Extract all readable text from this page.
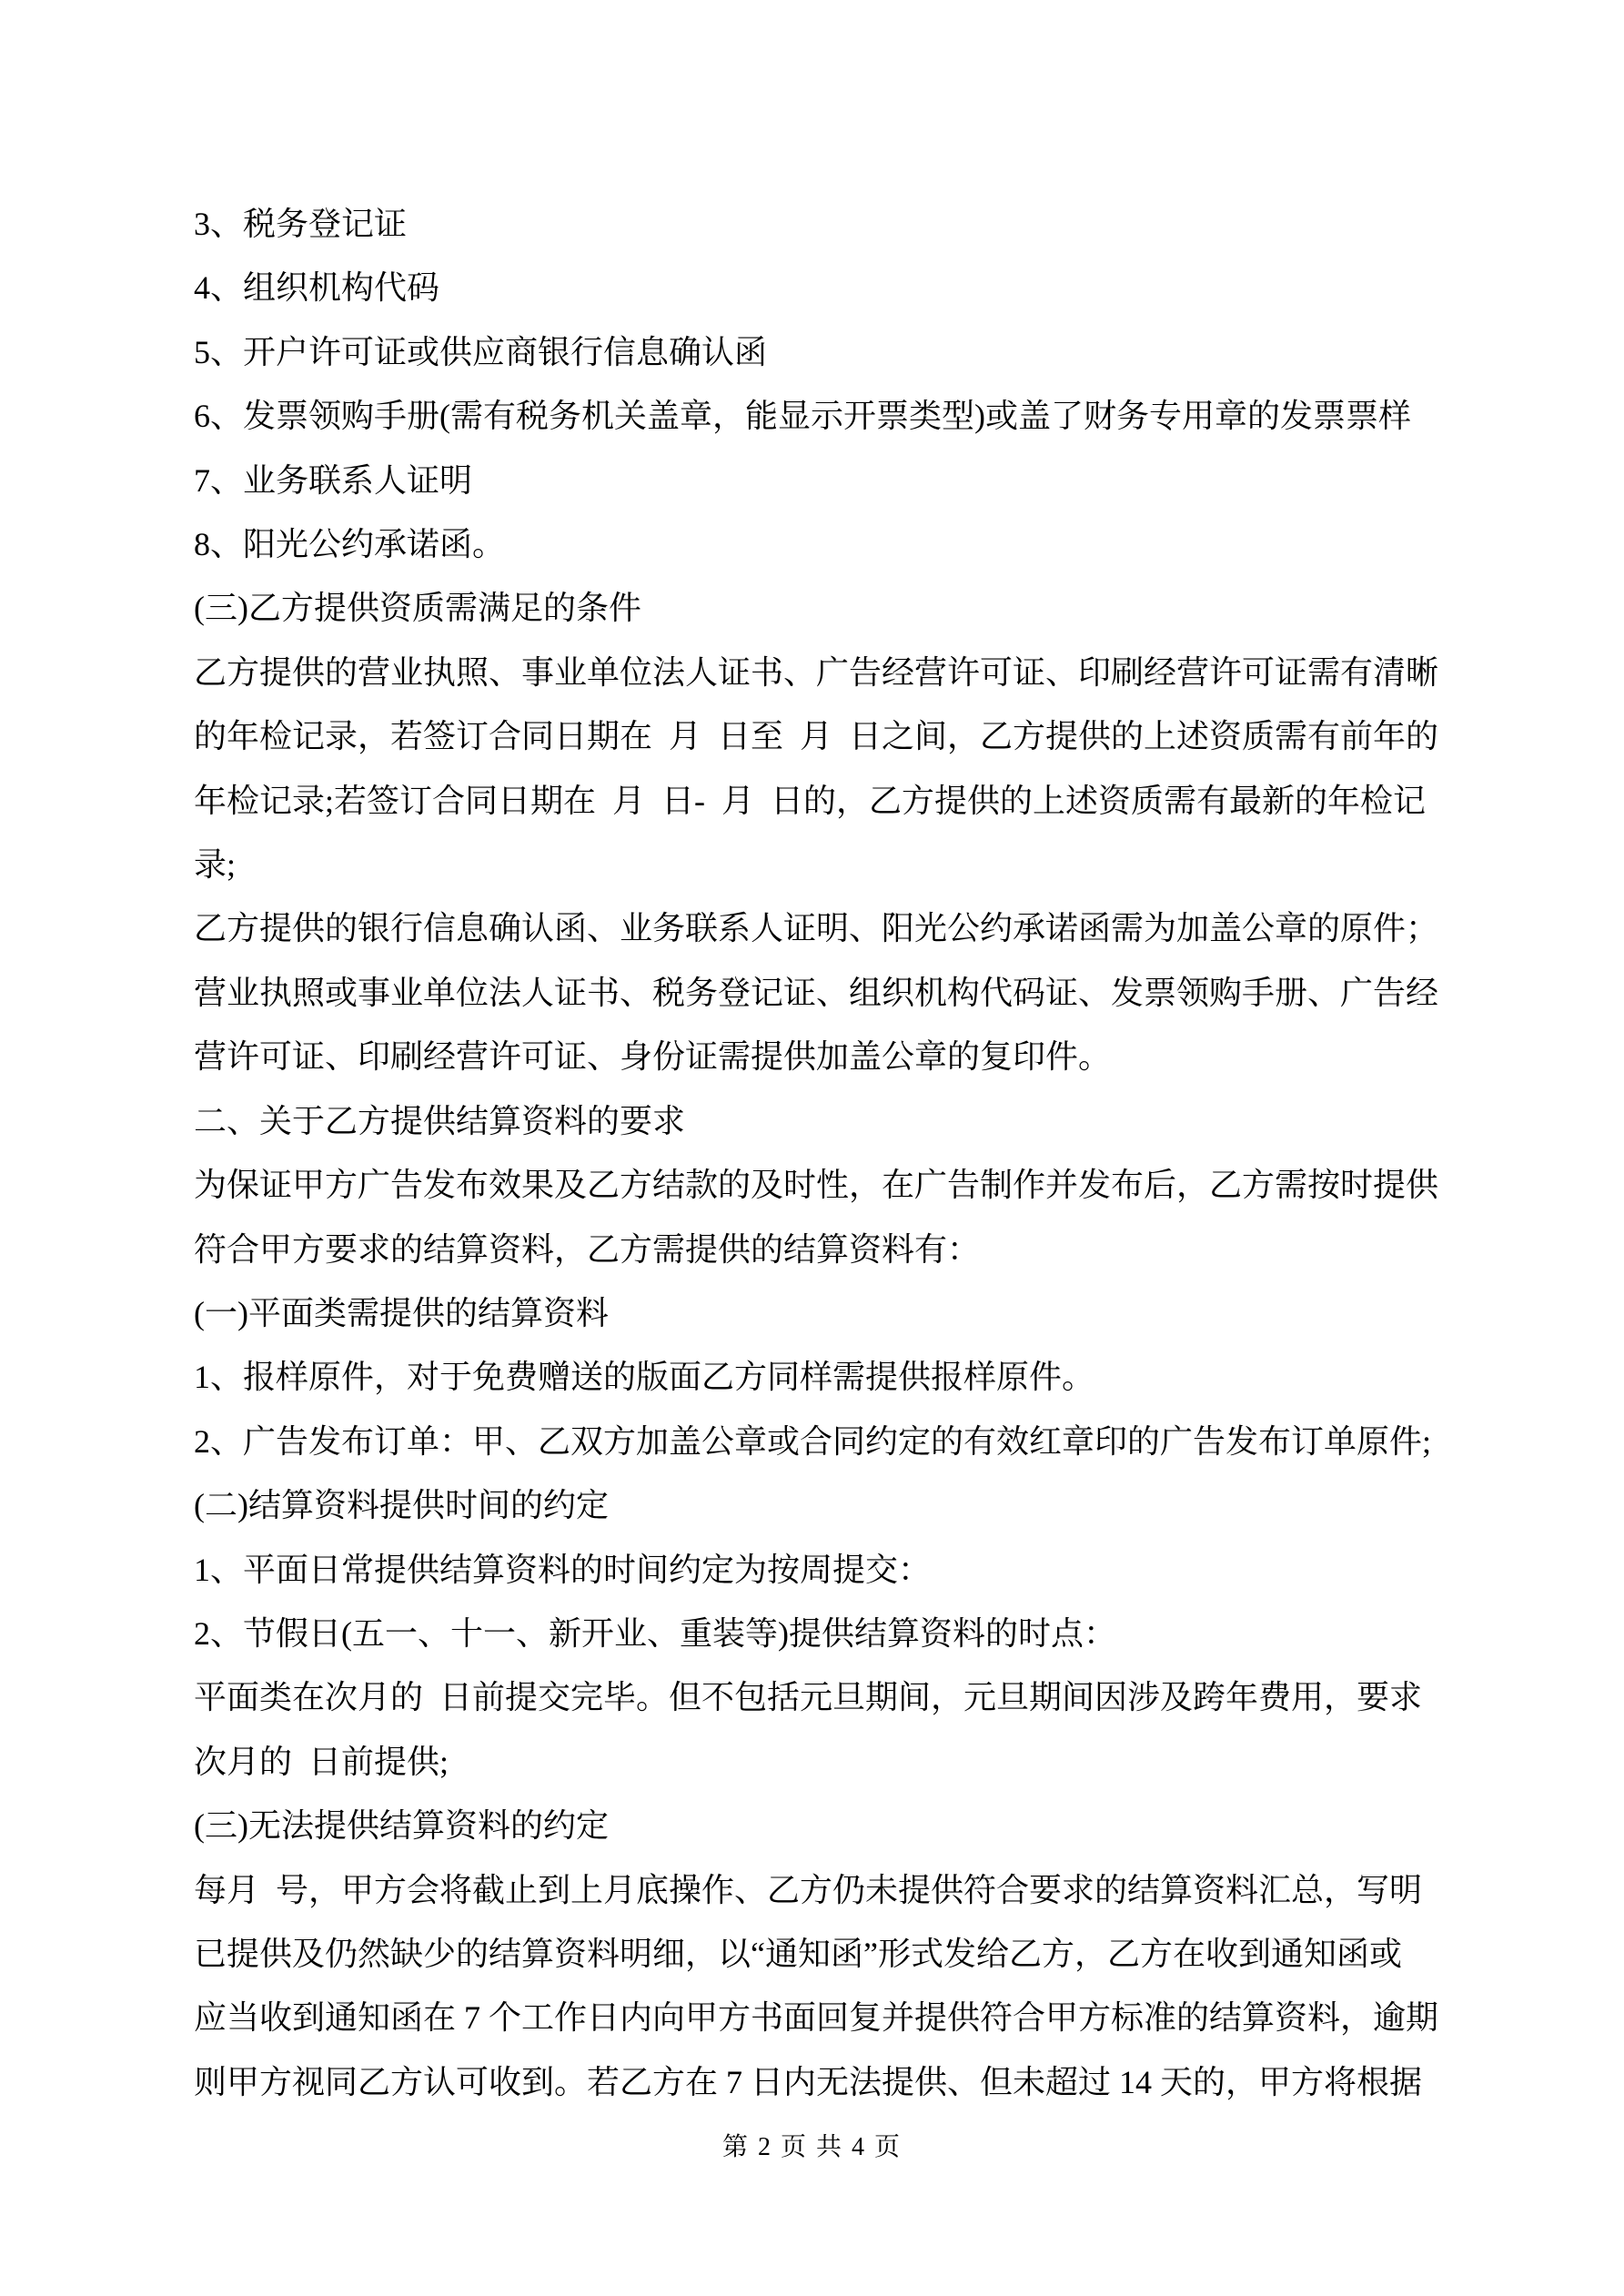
3、税务登记证

4、组织机构代码

5、开户许可证或供应商银行信息确认函

6、发票领购手册(需有税务机关盖章，能显示开票类型)或盖了财务专用章的发票票样

7、业务联系人证明

8、阳光公约承诺函。

(三)乙方提供资质需满足的条件

乙方提供的营业执照、事业单位法人证书、广告经营许可证、印刷经营许可证需有清晰

的年检记录，若签订合同日期在  月  日至  月  日之间，乙方提供的上述资质需有前年的

年检记录;若签订合同日期在  月  日-  月  日的，乙方提供的上述资质需有最新的年检记

录;

乙方提供的银行信息确认函、业务联系人证明、阳光公约承诺函需为加盖公章的原件；

营业执照或事业单位法人证书、税务登记证、组织机构代码证、发票领购手册、广告经

营许可证、印刷经营许可证、身份证需提供加盖公章的复印件。

二、关于乙方提供结算资料的要求

为保证甲方广告发布效果及乙方结款的及时性，在广告制作并发布后，乙方需按时提供

符合甲方要求的结算资料，乙方需提供的结算资料有：

(一)平面类需提供的结算资料

1、报样原件，对于免费赠送的版面乙方同样需提供报样原件。

2、广告发布订单：甲、乙双方加盖公章或合同约定的有效红章印的广告发布订单原件;

(二)结算资料提供时间的约定

1、平面日常提供结算资料的时间约定为按周提交：

2、节假日(五一、十一、新开业、重装等)提供结算资料的时点：

平面类在次月的  日前提交完毕。但不包括元旦期间，元旦期间因涉及跨年费用，要求

次月的  日前提供;

(三)无法提供结算资料的约定

每月  号，甲方会将截止到上月底操作、乙方仍未提供符合要求的结算资料汇总，写明

已提供及仍然缺少的结算资料明细，以“通知函”形式发给乙方，乙方在收到通知函或

应当收到通知函在 7 个工作日内向甲方书面回复并提供符合甲方标准的结算资料，逾期

则甲方视同乙方认可收到。若乙方在 7 日内无法提供、但未超过 14 天的，甲方将根据

第 2 页 共 4 页
